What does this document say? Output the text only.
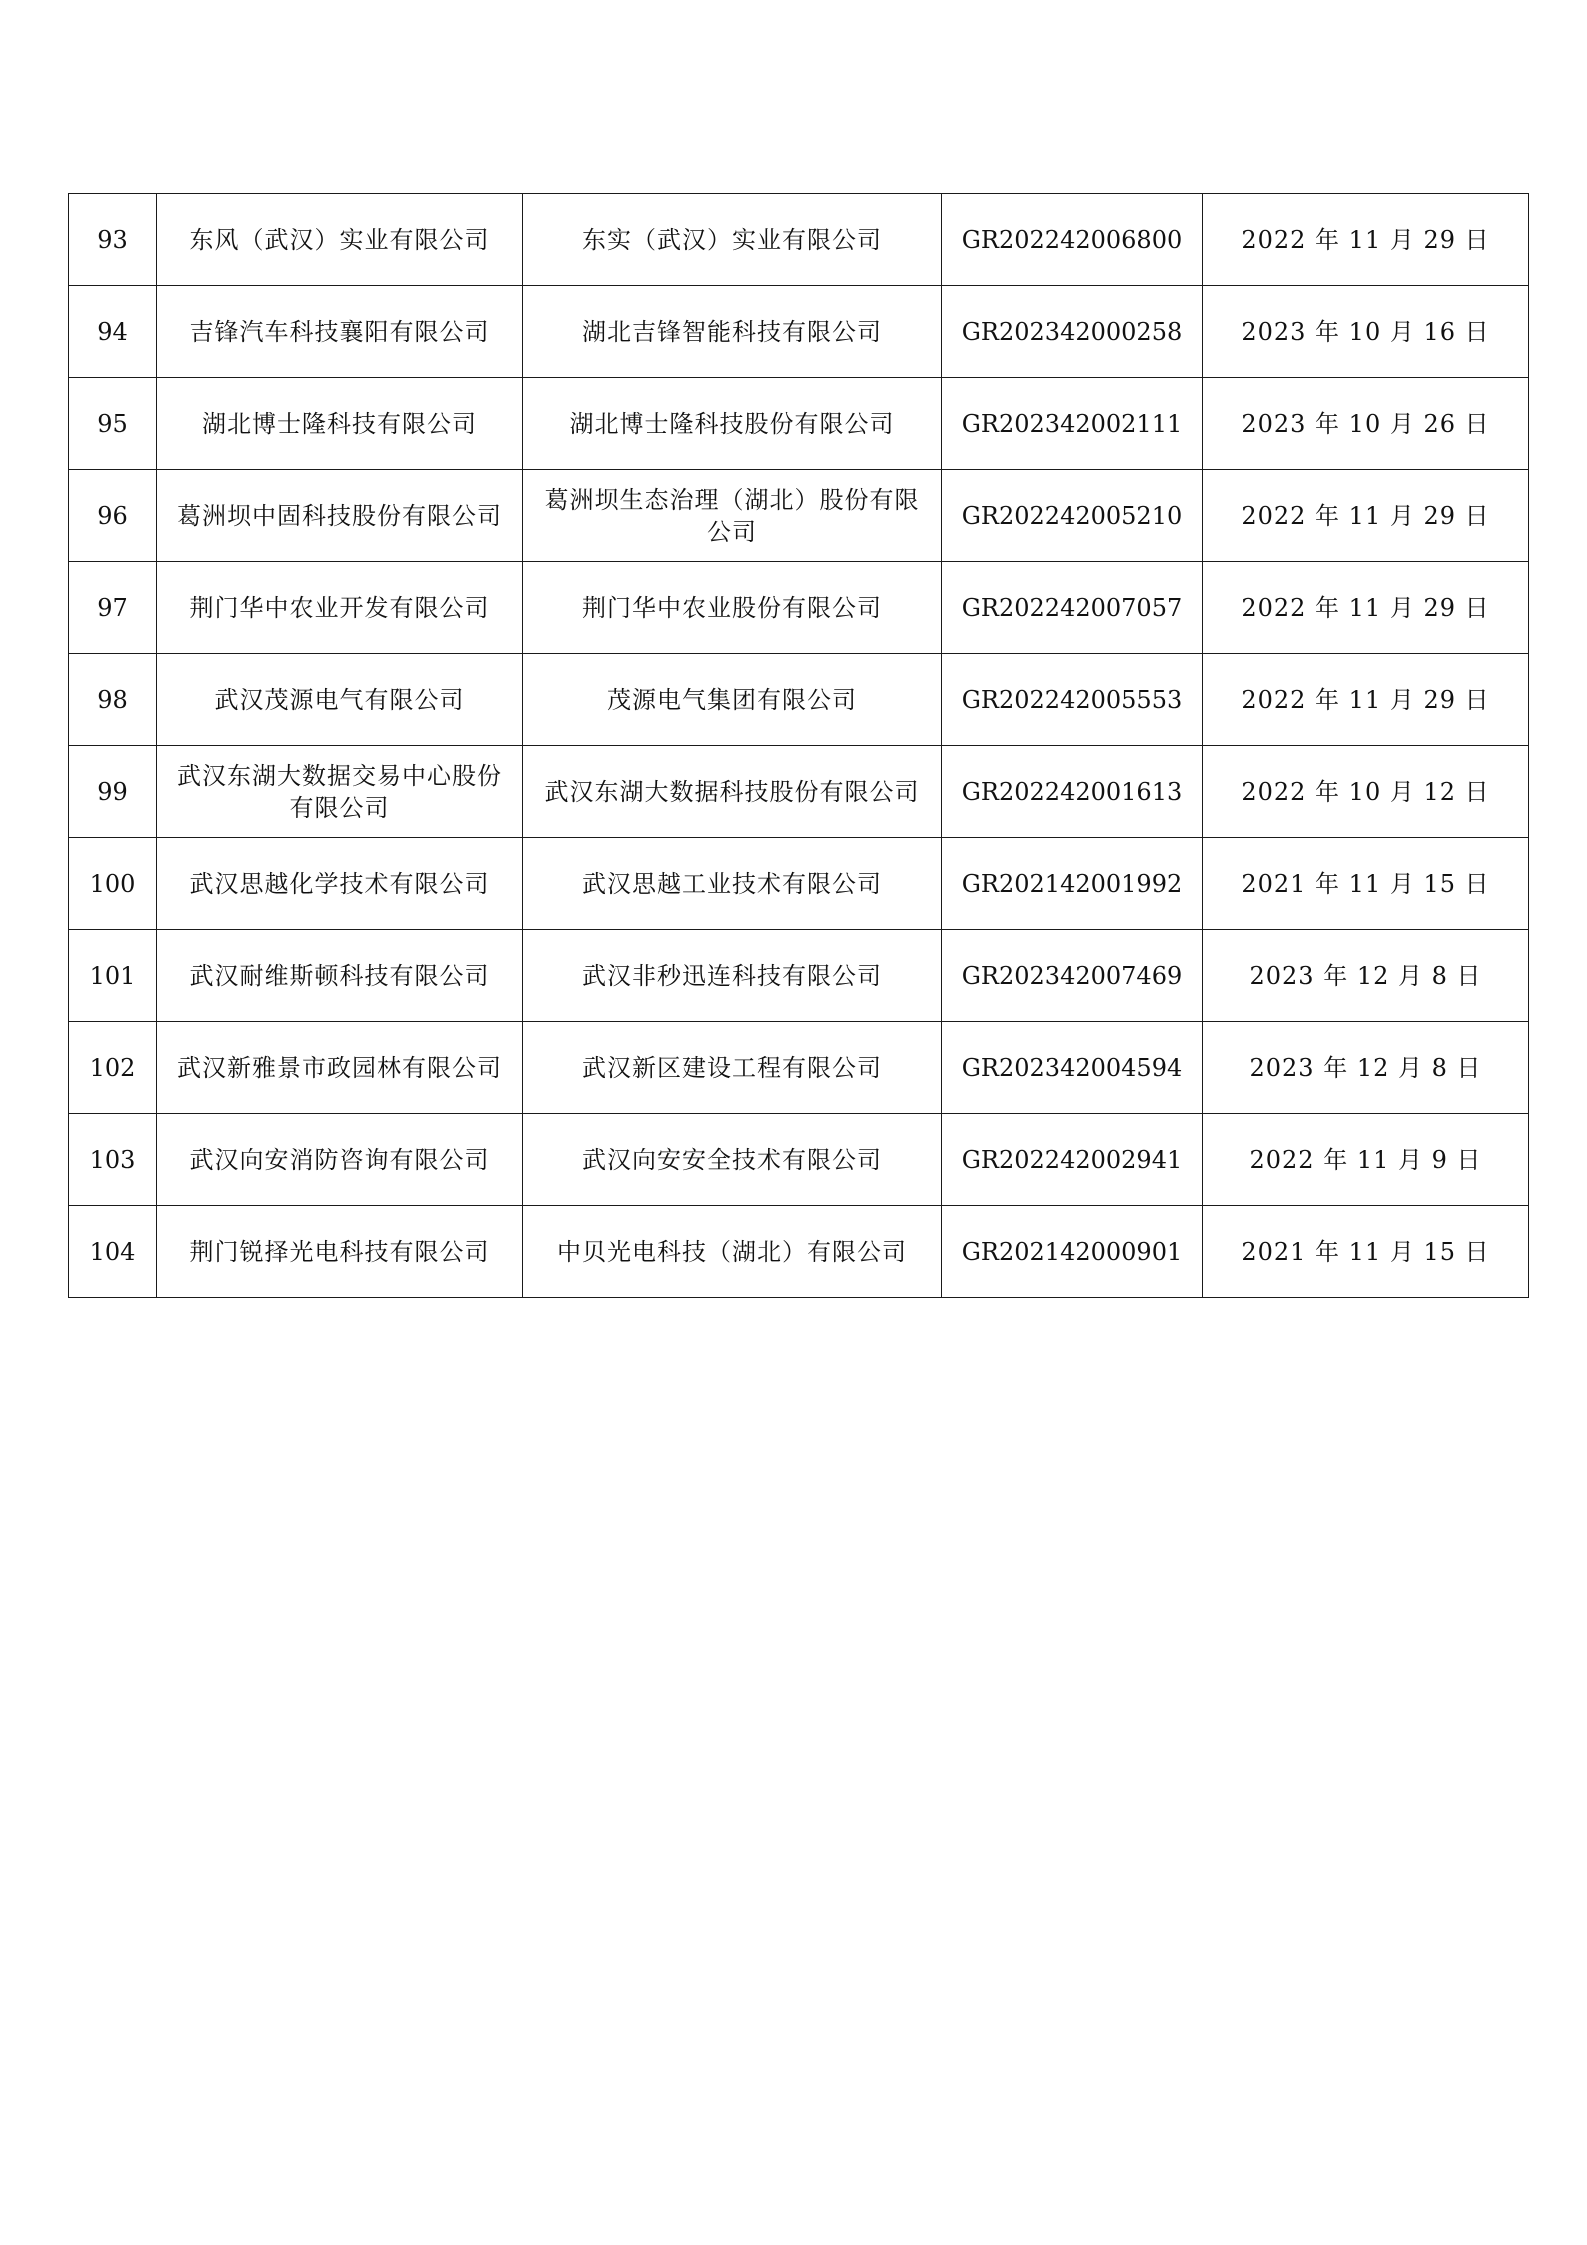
93	东风（武汉）实业有限公司	东实（武汉）实业有限公司	GR202242006800	2022 年 11 月 29 日
94	吉锋汽车科技襄阳有限公司	湖北吉锋智能科技有限公司	GR202342000258	2023 年 10 月 16 日
95	湖北博士隆科技有限公司	湖北博士隆科技股份有限公司	GR202342002111	2023 年 10 月 26 日
96	葛洲坝中固科技股份有限公司	葛洲坝生态治理（湖北）股份有限公司	GR202242005210	2022 年 11 月 29 日
97	荆门华中农业开发有限公司	荆门华中农业股份有限公司	GR202242007057	2022 年 11 月 29 日
98	武汉茂源电气有限公司	茂源电气集团有限公司	GR202242005553	2022 年 11 月 29 日
99	武汉东湖大数据交易中心股份有限公司	武汉东湖大数据科技股份有限公司	GR202242001613	2022 年 10 月 12 日
100	武汉思越化学技术有限公司	武汉思越工业技术有限公司	GR202142001992	2021 年 11 月 15 日
101	武汉耐维斯顿科技有限公司	武汉非秒迅连科技有限公司	GR202342007469	2023 年 12 月 8 日
102	武汉新雅景市政园林有限公司	武汉新区建设工程有限公司	GR202342004594	2023 年 12 月 8 日
103	武汉向安消防咨询有限公司	武汉向安安全技术有限公司	GR202242002941	2022 年 11 月 9 日
104	荆门锐择光电科技有限公司	中贝光电科技（湖北）有限公司	GR202142000901	2021 年 11 月 15 日
